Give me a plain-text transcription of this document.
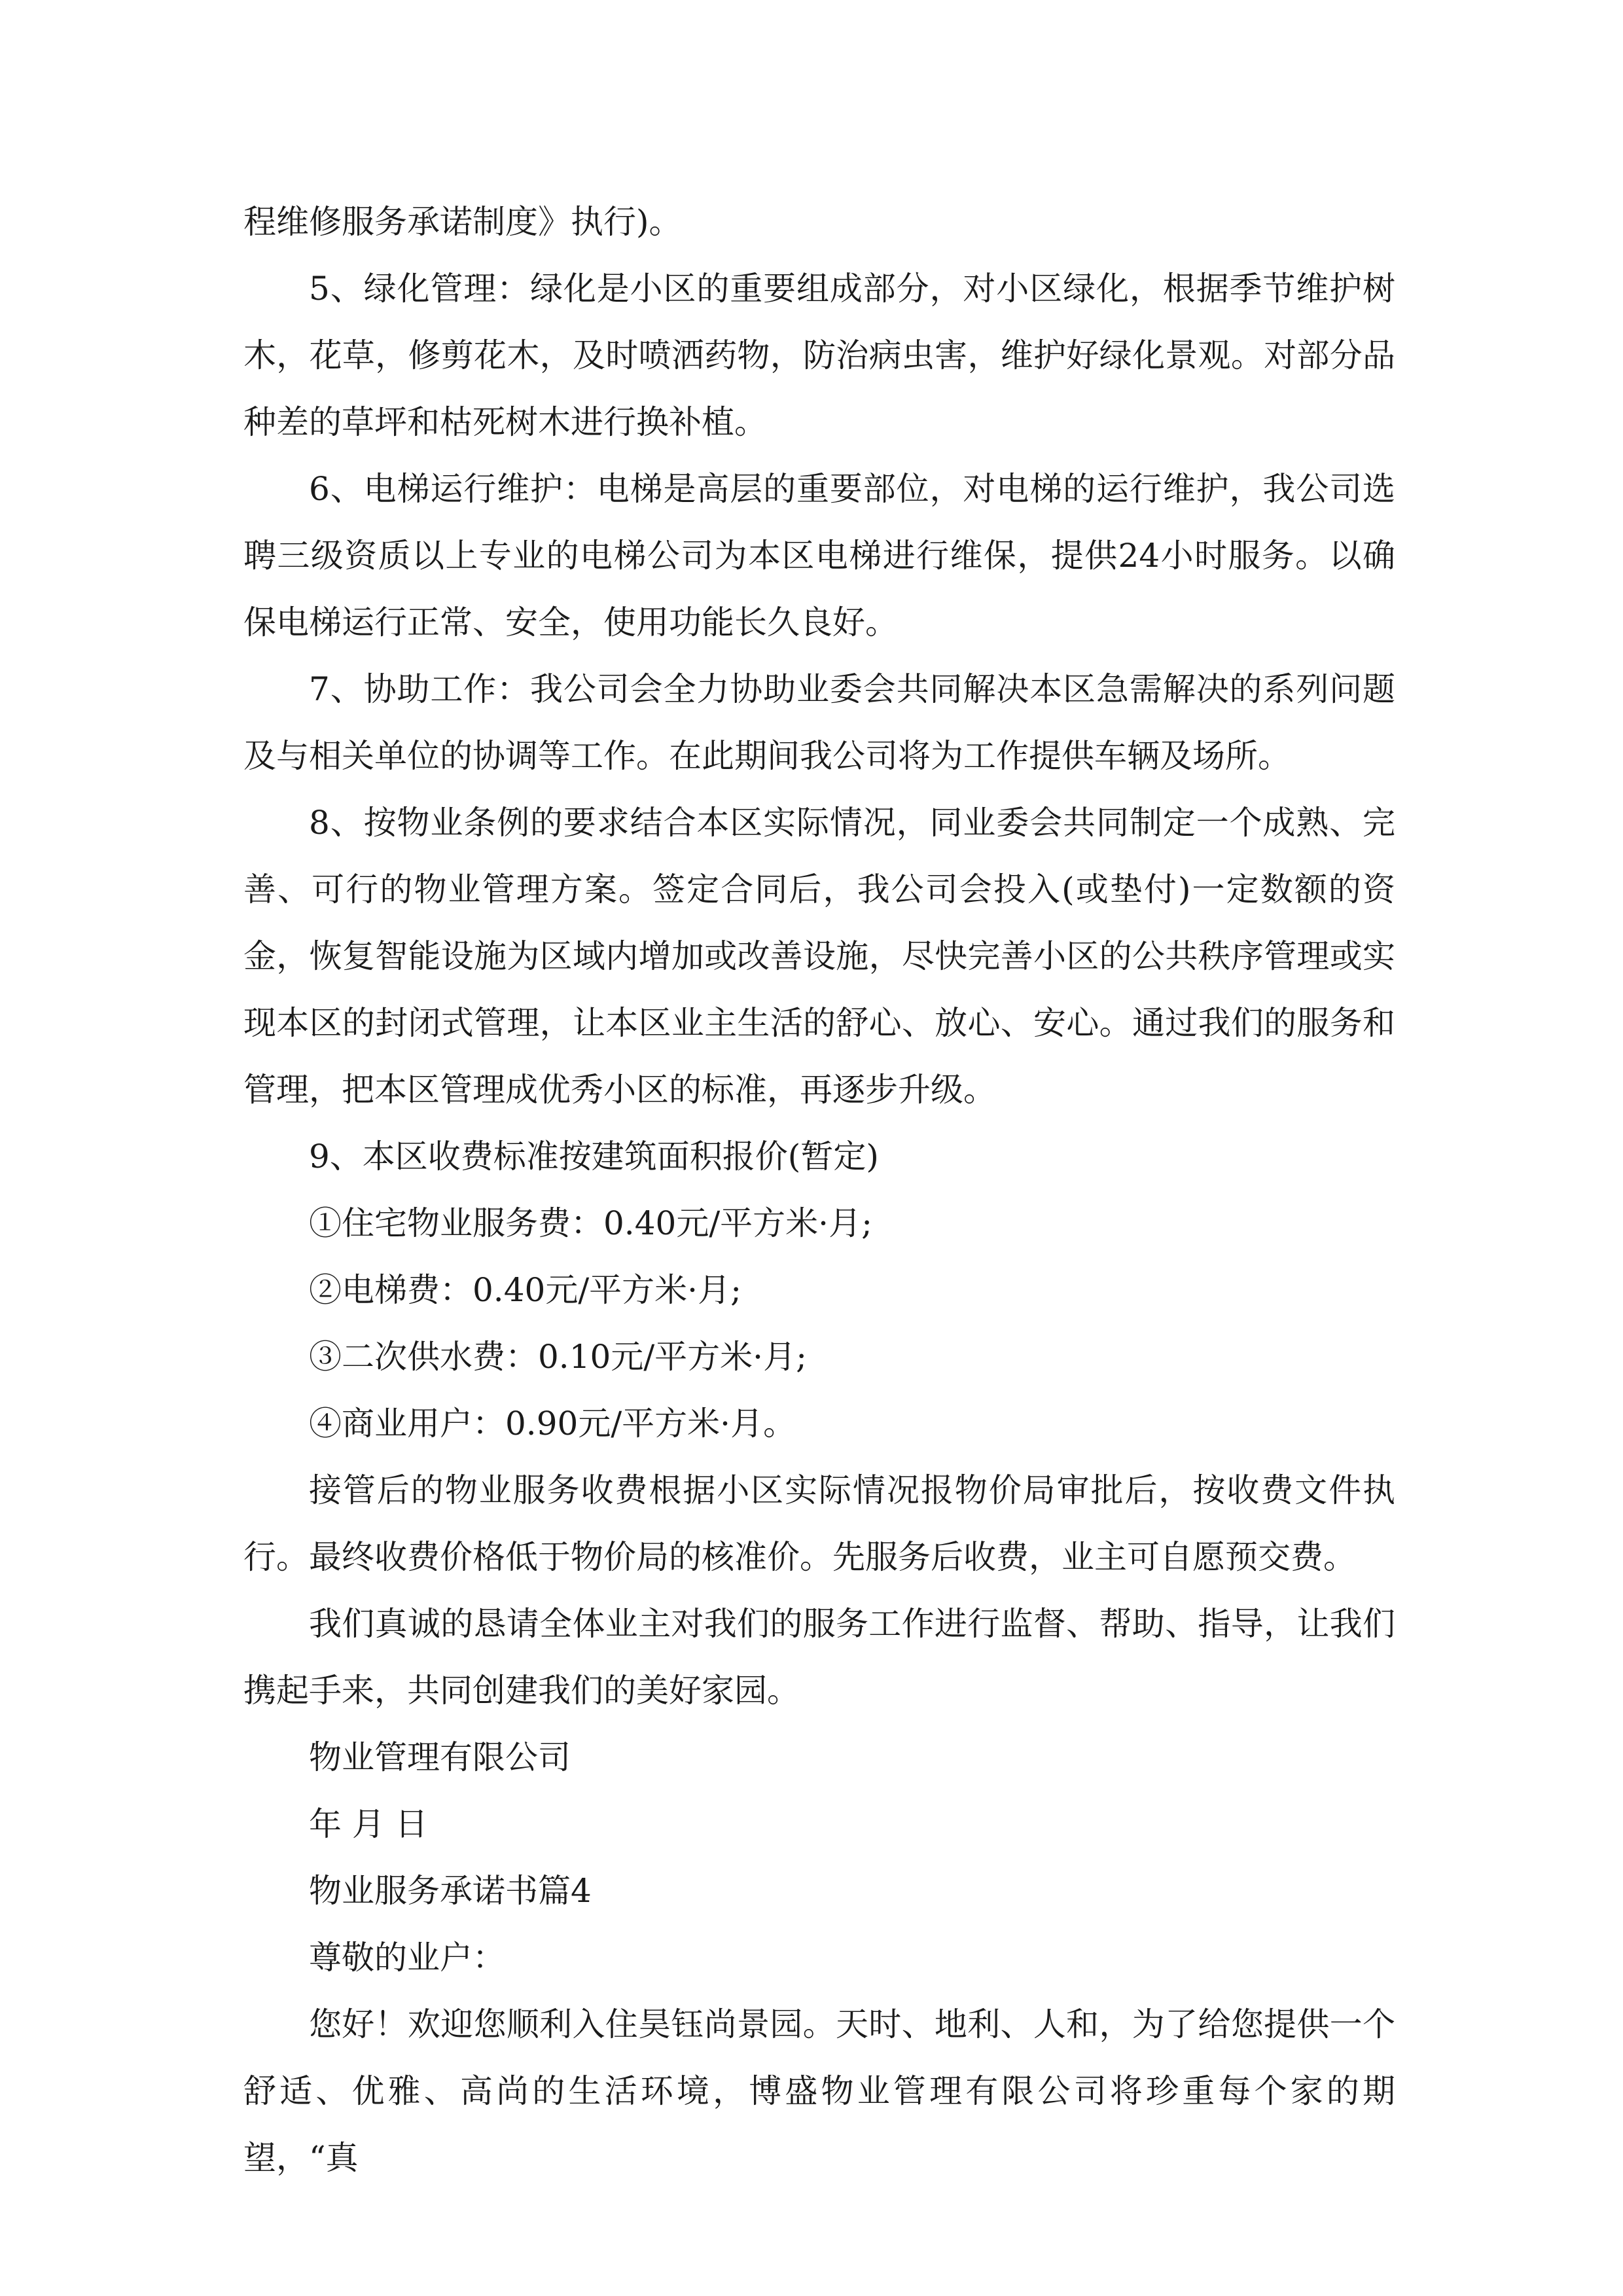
程维修服务承诺制度》执行)。

5、绿化管理：绿化是小区的重要组成部分，对小区绿化，根据季节维护树木，花草，修剪花木，及时喷洒药物，防治病虫害，维护好绿化景观。对部分品种差的草坪和枯死树木进行换补植。

6、电梯运行维护：电梯是高层的重要部位，对电梯的运行维护，我公司选聘三级资质以上专业的电梯公司为本区电梯进行维保，提供24小时服务。以确保电梯运行正常、安全，使用功能长久良好。

7、协助工作：我公司会全力协助业委会共同解决本区急需解决的系列问题及与相关单位的协调等工作。在此期间我公司将为工作提供车辆及场所。

8、按物业条例的要求结合本区实际情况，同业委会共同制定一个成熟、完善、可行的物业管理方案。签定合同后，我公司会投入(或垫付)一定数额的资金，恢复智能设施为区域内增加或改善设施，尽快完善小区的公共秩序管理或实现本区的封闭式管理，让本区业主生活的舒心、放心、安心。通过我们的服务和管理，把本区管理成优秀小区的标准，再逐步升级。

9、本区收费标准按建筑面积报价(暂定)

①住宅物业服务费：0.40元/平方米·月;

②电梯费：0.40元/平方米·月;

③二次供水费：0.10元/平方米·月;

④商业用户：0.90元/平方米·月。

接管后的物业服务收费根据小区实际情况报物价局审批后，按收费文件执行。最终收费价格低于物价局的核准价。先服务后收费，业主可自愿预交费。

我们真诚的恳请全体业主对我们的服务工作进行监督、帮助、指导，让我们携起手来，共同创建我们的美好家园。

物业管理有限公司

年 月 日

物业服务承诺书篇4

尊敬的业户：

您好！欢迎您顺利入住昊钰尚景园。天时、地利、人和，为了给您提供一个舒适、优雅、高尚的生活环境，博盛物业管理有限公司将珍重每个家的期望，“真
